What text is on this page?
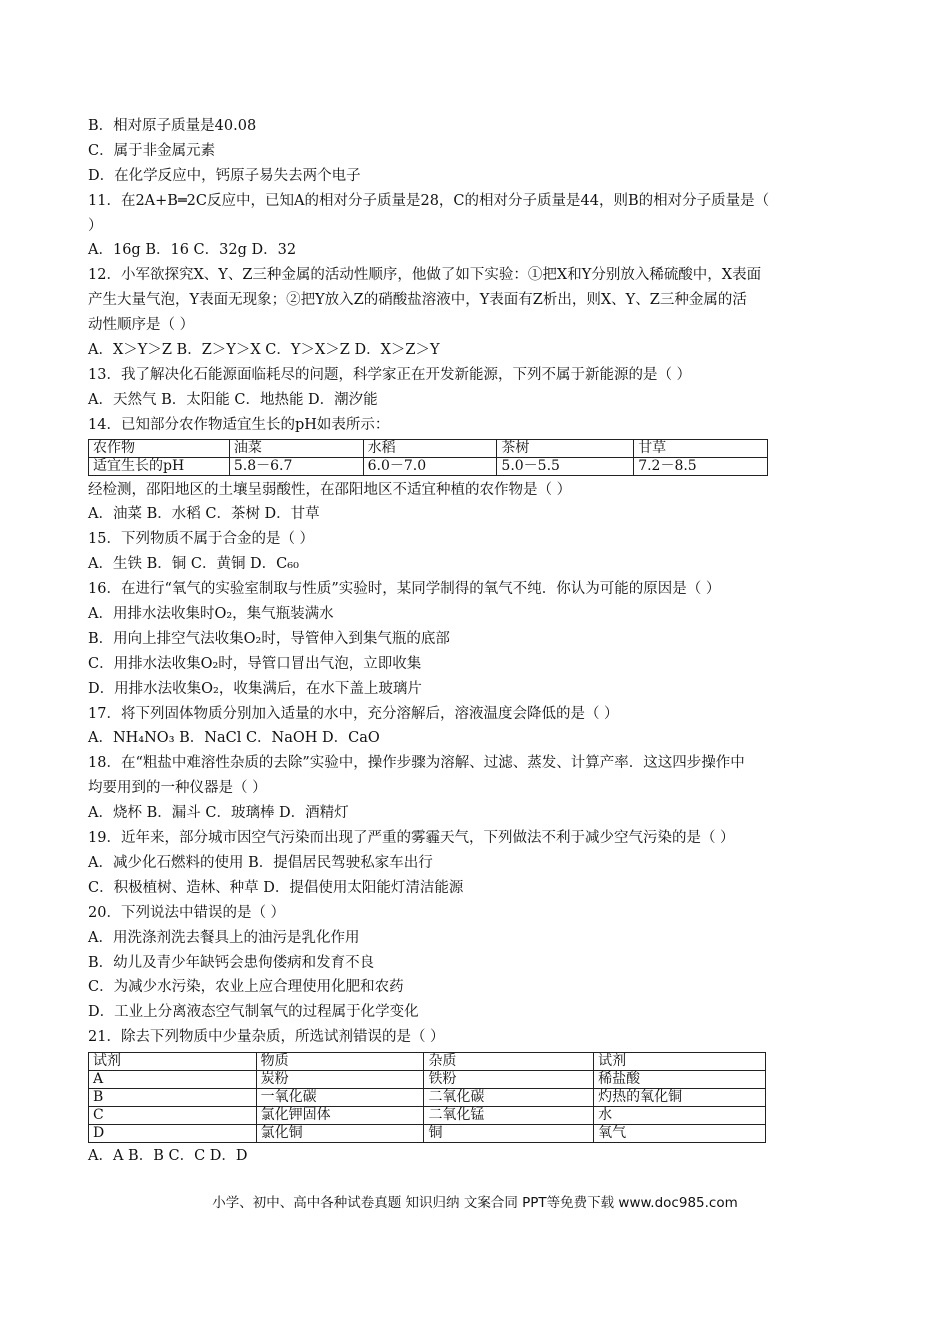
B．相对原子质量是40.08
C．属于非金属元素
D．在化学反应中，钙原子易失去两个电子
11．在2A+B═2C反应中，已知A的相对分子质量是28，C的相对分子质量是44，则B的相对分子质量是（
）
A．16g B．16 C．32g D．32
12．小军欲探究X、Y、Z三种金属的活动性顺序，他做了如下实验：①把X和Y分别放入稀硫酸中，X表面
产生大量气泡，Y表面无现象；②把Y放入Z的硝酸盐溶液中，Y表面有Z析出，则X、Y、Z三种金属的活
动性顺序是（ ）
A．X＞Y＞Z B．Z＞Y＞X C．Y＞X＞Z D．X＞Z＞Y
13．我了解决化石能源面临耗尽的问题，科学家正在开发新能源，下列不属于新能源的是（ ）
A．天然气 B．太阳能 C．地热能 D．潮汐能
14．已知部分农作物适宜生长的pH如表所示：
农作物	油菜	水稻	茶树	甘草
适宜生长的pH	5.8－6.7	6.0－7.0	5.0－5.5	7.2－8.5
经检测，邵阳地区的土壤呈弱酸性，在邵阳地区不适宜种植的农作物是（ ）
A．油菜 B．水稻 C．茶树 D．甘草
15．下列物质不属于合金的是（ ）
A．生铁 B．铜 C．黄铜 D．C₆₀
16．在进行“氧气的实验室制取与性质”实验时，某同学制得的氧气不纯．你认为可能的原因是（ ）
A．用排水法收集时O₂，集气瓶装满水
B．用向上排空气法收集O₂时，导管伸入到集气瓶的底部
C．用排水法收集O₂时，导管口冒出气泡，立即收集
D．用排水法收集O₂，收集满后，在水下盖上玻璃片
17．将下列固体物质分别加入适量的水中，充分溶解后，溶液温度会降低的是（ ）
A．NH₄NO₃ B．NaCl C．NaOH D．CaO
18．在“粗盐中难溶性杂质的去除”实验中，操作步骤为溶解、过滤、蒸发、计算产率．这这四步操作中
均要用到的一种仪器是（ ）
A．烧杯 B．漏斗 C．玻璃棒 D．酒精灯
19．近年来，部分城市因空气污染而出现了严重的雾霾天气，下列做法不利于减少空气污染的是（ ）
A．减少化石燃料的使用 B．提倡居民驾驶私家车出行
C．积极植树、造林、种草 D．提倡使用太阳能灯清洁能源
20．下列说法中错误的是（ ）
A．用洗涤剂洗去餐具上的油污是乳化作用
B．幼儿及青少年缺钙会患佝偻病和发育不良
C．为减少水污染，农业上应合理使用化肥和农药
D．工业上分离液态空气制氧气的过程属于化学变化
21．除去下列物质中少量杂质，所选试剂错误的是（ ）
试剂	物质	杂质	试剂
A	炭粉	铁粉	稀盐酸
B	一氧化碳	二氧化碳	灼热的氧化铜
C	氯化钾固体	二氧化锰	水
D	氯化铜	铜	氧气
A．A B．B C．C D．D
小学、初中、高中各种试卷真题 知识归纳 文案合同 PPT等免费下载 www.doc985.com
